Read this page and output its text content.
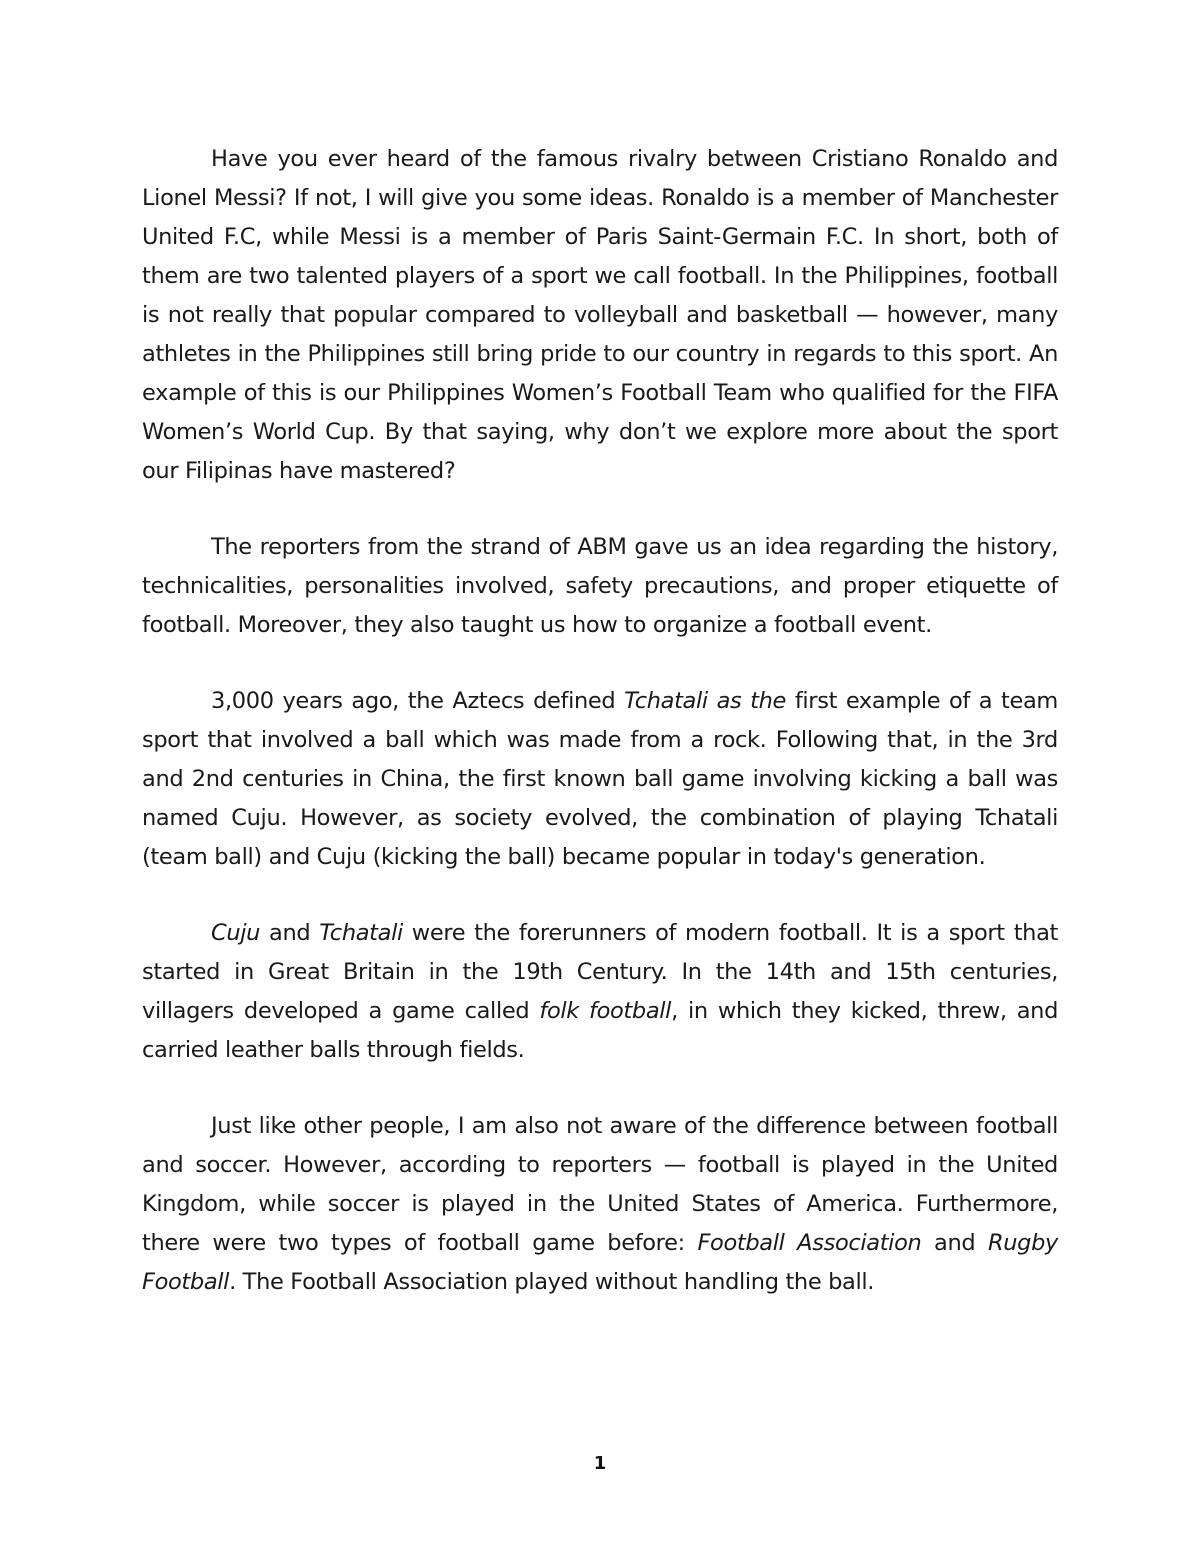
Have you ever heard of the famous rivalry between Cristiano Ronaldo and Lionel Messi? If not, I will give you some ideas. Ronaldo is a member of Manchester United F.C, while Messi is a member of Paris Saint-Germain F.C. In short, both of them are two talented players of a sport we call football. In the Philippines, football is not really that popular compared to volleyball and basketball — however, many athletes in the Philippines still bring pride to our country in regards to this sport. An example of this is our Philippines Women’s Football Team who qualified for the FIFA Women’s World Cup. By that saying, why don’t we explore more about the sport our Filipinas have mastered?

The reporters from the strand of ABM gave us an idea regarding the history, technicalities, personalities involved, safety precautions, and proper etiquette of football. Moreover, they also taught us how to organize a football event.

3,000 years ago, the Aztecs defined Tchatali as the first example of a team sport that involved a ball which was made from a rock. Following that, in the 3rd and 2nd centuries in China, the first known ball game involving kicking a ball was named Cuju. However, as society evolved, the combination of playing Tchatali (team ball) and Cuju (kicking the ball) became popular in today's generation.

Cuju and Tchatali were the forerunners of modern football. It is a sport that started in Great Britain in the 19th Century. In the 14th and 15th centuries, villagers developed a game called folk football, in which they kicked, threw, and carried leather balls through fields.

Just like other people, I am also not aware of the difference between football and soccer. However, according to reporters — football is played in the United Kingdom, while soccer is played in the United States of America. Furthermore, there were two types of football game before: Football Association and Rugby Football. The Football Association played without handling the ball.

1
